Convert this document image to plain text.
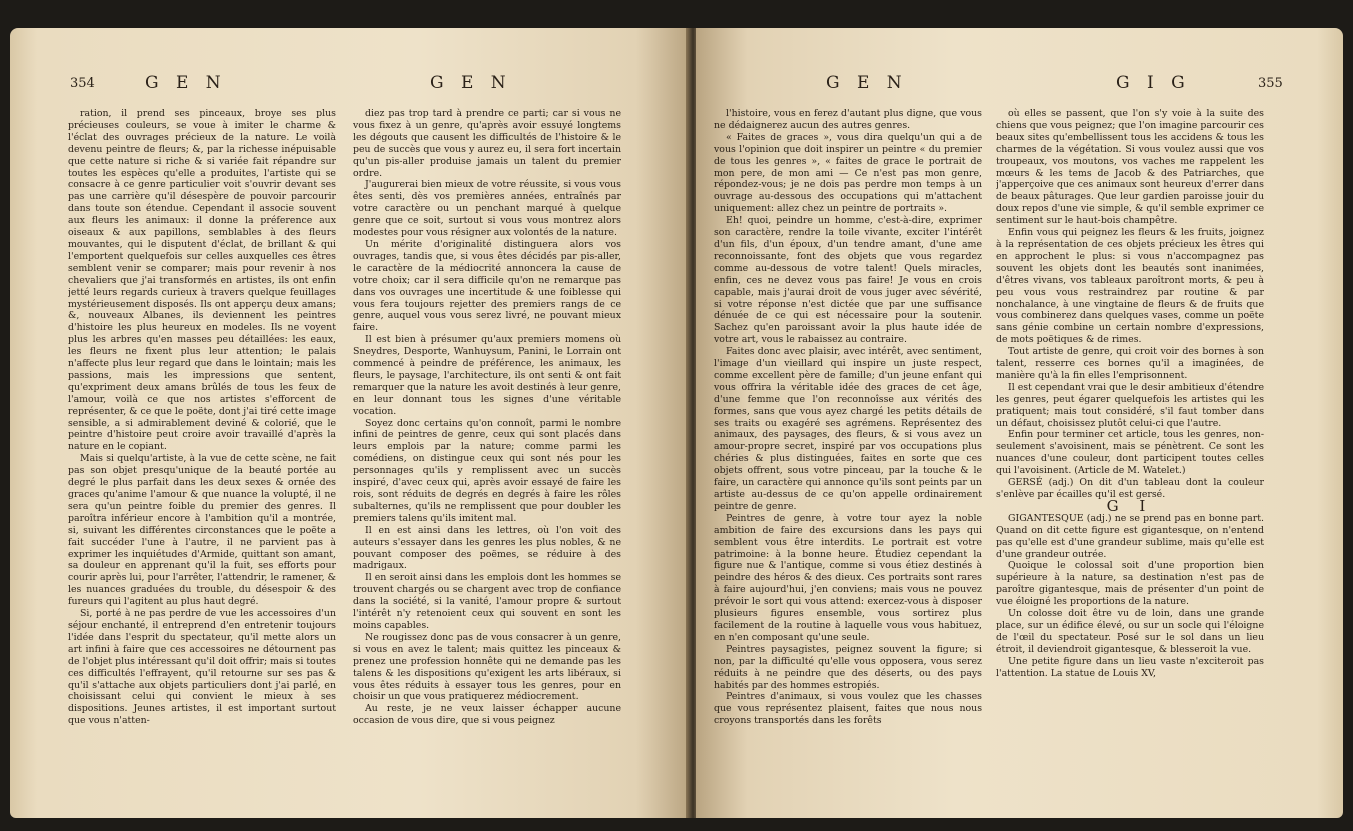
354	G E N	G E N

ration, il prend ses pinceaux, broye ses plus précieuses couleurs, se voue à imiter le charme & l'éclat des ouvrages précieux de la nature. Le voilà devenu peintre de fleurs; &, par la richesse inépuisable que cette nature si riche & si variée fait répandre sur toutes les espèces qu'elle a produites, l'artiste qui se consacre à ce genre particulier voit s'ouvrir devant ses pas une carrière qu'il désespère de pouvoir parcourir dans toute son étendue. Cependant il associe souvent aux fleurs les animaux: il donne la préference aux oiseaux & aux papillons, semblables à des fleurs mouvantes, qui le disputent d'éclat, de brillant & qui l'emportent quelquefois sur celles auxquelles ces êtres semblent venir se comparer; mais pour revenir à nos chevaliers que j'ai transformés en artistes, ils ont enfin jetté leurs regards curieux à travers quelque feuillages mystérieusement disposés. Ils ont apperçu deux amans; &, nouveaux Albanes, ils deviennent les peintres d'histoire les plus heureux en modeles. Ils ne voyent plus les arbres qu'en masses peu détaillées: les eaux, les fleurs ne fixent plus leur attention; le palais n'affecte plus leur regard que dans le lointain; mais les passions, mais les impressions que sentent, qu'expriment deux amans brûlés de tous les feux de l'amour, voilà ce que nos artistes s'efforcent de représenter, & ce que le poëte, dont j'ai tiré cette image sensible, a si admirablement deviné & colorié, que le peintre d'histoire peut croire avoir travaillé d'après la nature en le copiant.

Mais si quelqu'artiste, à la vue de cette scène, ne fait pas son objet presqu'unique de la beauté portée au degré le plus parfait dans les deux sexes & ornée des graces qu'anime l'amour & que nuance la volupté, il ne sera qu'un peintre foible du premier des genres. Il paroîtra inférieur encore à l'ambition qu'il a montrée, si, suivant les différentes circonstances que le poëte a fait succéder l'une à l'autre, il ne parvient pas à exprimer les inquiétudes d'Armide, quittant son amant, sa douleur en apprenant qu'il la fuit, ses efforts pour courir après lui, pour l'arrêter, l'attendrir, le ramener, & les nuances graduées du trouble, du désespoir & des fureurs qui l'agitent au plus haut degré.

Si, porté à ne pas perdre de vue les accessoires d'un séjour enchanté, il entreprend d'en entretenir toujours l'idée dans l'esprit du spectateur, qu'il mette alors un art infini à faire que ces accessoires ne détournent pas de l'objet plus intéressant qu'il doit offrir; mais si toutes ces difficultés l'effrayent, qu'il retourne sur ses pas & qu'il s'attache aux objets particuliers dont j'ai parlé, en choisissant celui qui convient le mieux à ses dispositions. Jeunes artistes, il est important surtout que vous n'atten-

diez pas trop tard à prendre ce parti; car si vous ne vous fixez à un genre, qu'après avoir essuyé longtems les dégouts que causent les difficultés de l'histoire & le peu de succès que vous y aurez eu, il sera fort incertain qu'un pis-aller produise jamais un talent du premier ordre.

J'augurerai bien mieux de votre réussite, si vous vous êtes senti, dès vos premières années, entraînés par votre caractère ou un penchant marqué à quelque genre que ce soit, surtout si vous vous montrez alors modestes pour vous résigner aux volontés de la nature.

Un mérite d'originalité distinguera alors vos ouvrages, tandis que, si vous êtes décidés par pis-aller, le caractère de la médiocrité annoncera la cause de votre choix; car il sera difficile qu'on ne remarque pas dans vos ouvrages une incertitude & une foiblesse qui vous fera toujours rejetter des premiers rangs de ce genre, auquel vous vous serez livré, ne pouvant mieux faire.

Il est bien à présumer qu'aux premiers momens où Sneydres, Desporte, Wanhuysum, Panini, le Lorrain ont commencé à peindre de préférence, les animaux, les fleurs, le paysage, l'architecture, ils ont senti & ont fait remarquer que la nature les avoit destinés à leur genre, en leur donnant tous les signes d'une véritable vocation.

Soyez donc certains qu'on connoît, parmi le nombre infini de peintres de genre, ceux qui sont placés dans leurs emplois par la nature; comme parmi les comédiens, on distingue ceux qui sont nés pour les personnages qu'ils y remplissent avec un succès inspiré, d'avec ceux qui, après avoir essayé de faire les rois, sont réduits de degrés en degrés à faire les rôles subalternes, qu'ils ne remplissent que pour doubler les premiers talens qu'ils imitent mal.

Il en est ainsi dans les lettres, où l'on voit des auteurs s'essayer dans les genres les plus nobles, & ne pouvant composer des poëmes, se réduire à des madrigaux.

Il en seroit ainsi dans les emplois dont les hommes se trouvent chargés ou se chargent avec trop de confiance dans la société, si la vanité, l'amour propre & surtout l'intérêt n'y retenoient ceux qui souvent en sont les moins capables.

Ne rougissez donc pas de vous consacrer à un genre, si vous en avez le talent; mais quittez les pinceaux & prenez une profession honnête qui ne demande pas les talens & les dispositions qu'exigent les arts libéraux, si vous êtes réduits à essayer tous les genres, pour en choisir un que vous pratiquerez médiocrement.

Au reste, je ne veux laisser échapper aucune occasion de vous dire, que si vous peignez

G E N	G I G	355

l'histoire, vous en ferez d'autant plus digne, que vous ne dédaignerez aucun des autres genres.

« Faites de graces », vous dira quelqu'un qui a de vous l'opinion que doit inspirer un peintre « du premier de tous les genres », « faites de grace le portrait de mon pere, de mon ami — Ce n'est pas mon genre, répondez-vous; je ne dois pas perdre mon temps à un ouvrage au-dessous des occupations qui m'attachent uniquement: allez chez un peintre de portraits ».

Eh! quoi, peindre un homme, c'est-à-dire, exprimer son caractère, rendre la toile vivante, exciter l'intérêt d'un fils, d'un époux, d'un tendre amant, d'une ame reconnoissante, font des objets que vous regardez comme au-dessous de votre talent! Quels miracles, enfin, ces ne devez vous pas faire! Je vous en crois capable, mais j'aurai droit de vous juger avec sévérité, si votre réponse n'est dictée que par une suffisance dénuée de ce qui est nécessaire pour la soutenir. Sachez qu'en paroissant avoir la plus haute idée de votre art, vous le rabaissez au contraire.

Faites donc avec plaisir, avec intérêt, avec sentiment, l'image d'un vieillard qui inspire un juste respect, comme excellent père de famille; d'un jeune enfant qui vous offrira la véritable idée des graces de cet âge, d'une femme que l'on reconnoîsse aux vérités des formes, sans que vous ayez chargé les petits détails de ses traits ou exagéré ses agrémens. Représentez des animaux, des paysages, des fleurs, & si vous avez un amour-propre secret, inspiré par vos occupations plus chéries & plus distinguées, faites en sorte que ces objets offrent, sous votre pinceau, par la touche & le faire, un caractère qui annonce qu'ils sont peints par un artiste au-dessus de ce qu'on appelle ordinairement peintre de genre.

Peintres de genre, à votre tour ayez la noble ambition de faire des excursions dans les pays qui semblent vous être interdits. Le portrait est votre patrimoine: à la bonne heure. Étudiez cependant la figure nue & l'antique, comme si vous étiez destinés à peindre des héros & des dieux. Ces portraits sont rares à faire aujourd'hui, j'en conviens; mais vous ne pouvez prévoir le sort qui vous attend: exercez-vous à disposer plusieurs figures ensemble, vous sortirez plus facilement de la routine à laquelle vous vous habituez, en n'en composant qu'une seule.

Peintres paysagistes, peignez souvent la figure; si non, par la difficulté qu'elle vous opposera, vous serez réduits à ne peindre que des déserts, ou des pays habités par des hommes estropiés.

Peintres d'animaux, si vous voulez que les chasses que vous représentez plaisent, faites que nous nous croyons transportés dans les forêts

où elles se passent, que l'on s'y voie à la suite des chiens que vous peignez; que l'on imagine parcourir ces beaux sites qu'embellissent tous les accidens & tous les charmes de la végétation. Si vous voulez aussi que vos troupeaux, vos moutons, vos vaches me rappelent les mœurs & les tems de Jacob & des Patriarches, que j'apperçoive que ces animaux sont heureux d'errer dans de beaux pâturages. Que leur gardien paroisse jouir du doux repos d'une vie simple, & qu'il semble exprimer ce sentiment sur le haut-bois champêtre.

Enfin vous qui peignez les fleurs & les fruits, joignez à la représentation de ces objets précieux les êtres qui en approchent le plus: si vous n'accompagnez pas souvent les objets dont les beautés sont inanimées, d'êtres vivans, vos tableaux paroîtront morts, & peu à peu vous vous restraindrez par routine & par nonchalance, à une vingtaine de fleurs & de fruits que vous combinerez dans quelques vases, comme un poëte sans génie combine un certain nombre d'expressions, de mots poëtiques & de rimes.

Tout artiste de genre, qui croit voir des bornes à son talent, resserre ces bornes qu'il a imaginées, de manière qu'à la fin elles l'emprisonnent.

Il est cependant vrai que le desir ambitieux d'étendre les genres, peut égarer quelquefois les artistes qui les pratiquent; mais tout considéré, s'il faut tomber dans un défaut, choisissez plutôt celui-ci que l'autre.

Enfin pour terminer cet article, tous les genres, non-seulement s'avoisinent, mais se pénètrent. Ce sont les nuances d'une couleur, dont participent toutes celles qui l'avoisinent. (Article de M. Watelet.)

GERSÉ (adj.) On dit d'un tableau dont la couleur s'enlève par écailles qu'il est gersé.

G I

GIGANTESQUE (adj.) ne se prend pas en bonne part. Quand on dit cette figure est gigantesque, on n'entend pas qu'elle est d'une grandeur sublime, mais qu'elle est d'une grandeur outrée.

Quoique le colossal soit d'une proportion bien supérieure à la nature, sa destination n'est pas de paroître gigantesque, mais de présenter d'un point de vue éloigné les proportions de la nature.

Un colosse doit être vu de loin, dans une grande place, sur un édifice élevé, ou sur un socle qui l'éloigne de l'œil du spectateur. Posé sur le sol dans un lieu étroit, il deviendroit gigantesque, & blesseroit la vue.

Une petite figure dans un lieu vaste n'exciteroit pas l'attention. La statue de Louis XV,
